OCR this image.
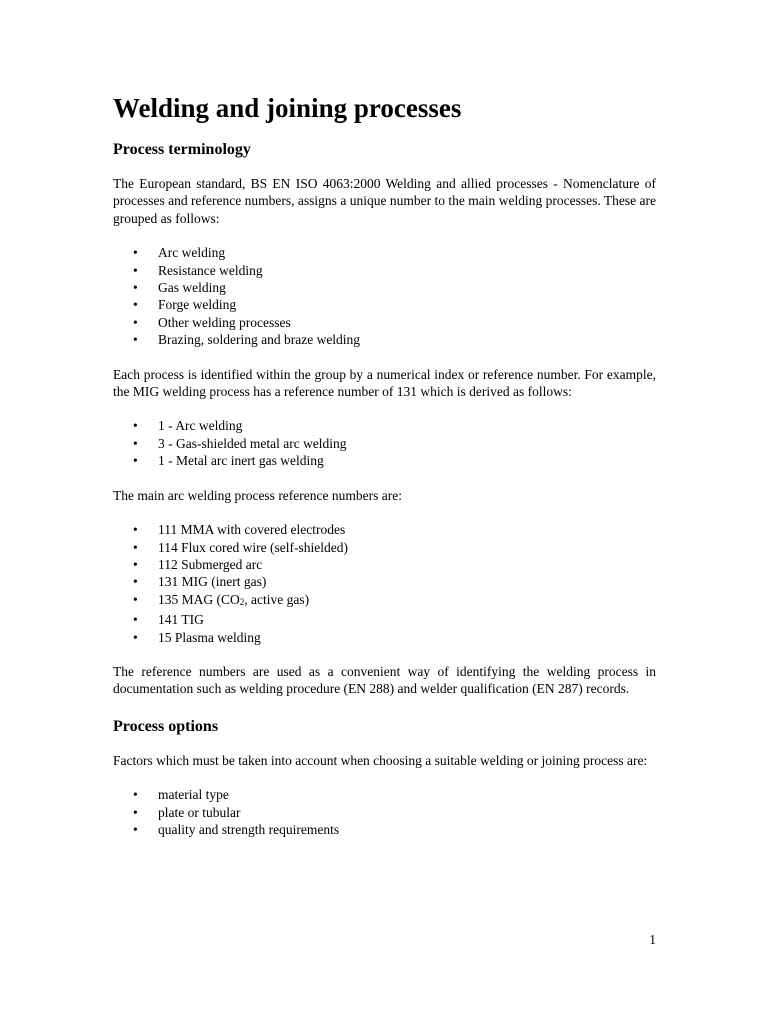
Welding and joining processes
Process terminology

The European standard, BS EN ISO 4063:2000 Welding and allied processes - Nomenclature of processes and reference numbers, assigns a unique number to the main welding processes. These are grouped as follows:

• Arc welding
• Resistance welding
• Gas welding
• Forge welding
• Other welding processes
• Brazing, soldering and braze welding

Each process is identified within the group by a numerical index or reference number. For example, the MIG welding process has a reference number of 131 which is derived as follows:

• 1 - Arc welding
• 3 - Gas-shielded metal arc welding
• 1 - Metal arc inert gas welding

The main arc welding process reference numbers are:

• 111 MMA with covered electrodes
• 114 Flux cored wire (self-shielded)
• 112 Submerged arc
• 131 MIG (inert gas)
• 135 MAG (CO2, active gas)
• 141 TIG
• 15 Plasma welding

The reference numbers are used as a convenient way of identifying the welding process in documentation such as welding procedure (EN 288) and welder qualification (EN 287) records.

Process options

Factors which must be taken into account when choosing a suitable welding or joining process are:

• material type
• plate or tubular
• quality and strength requirements
1
